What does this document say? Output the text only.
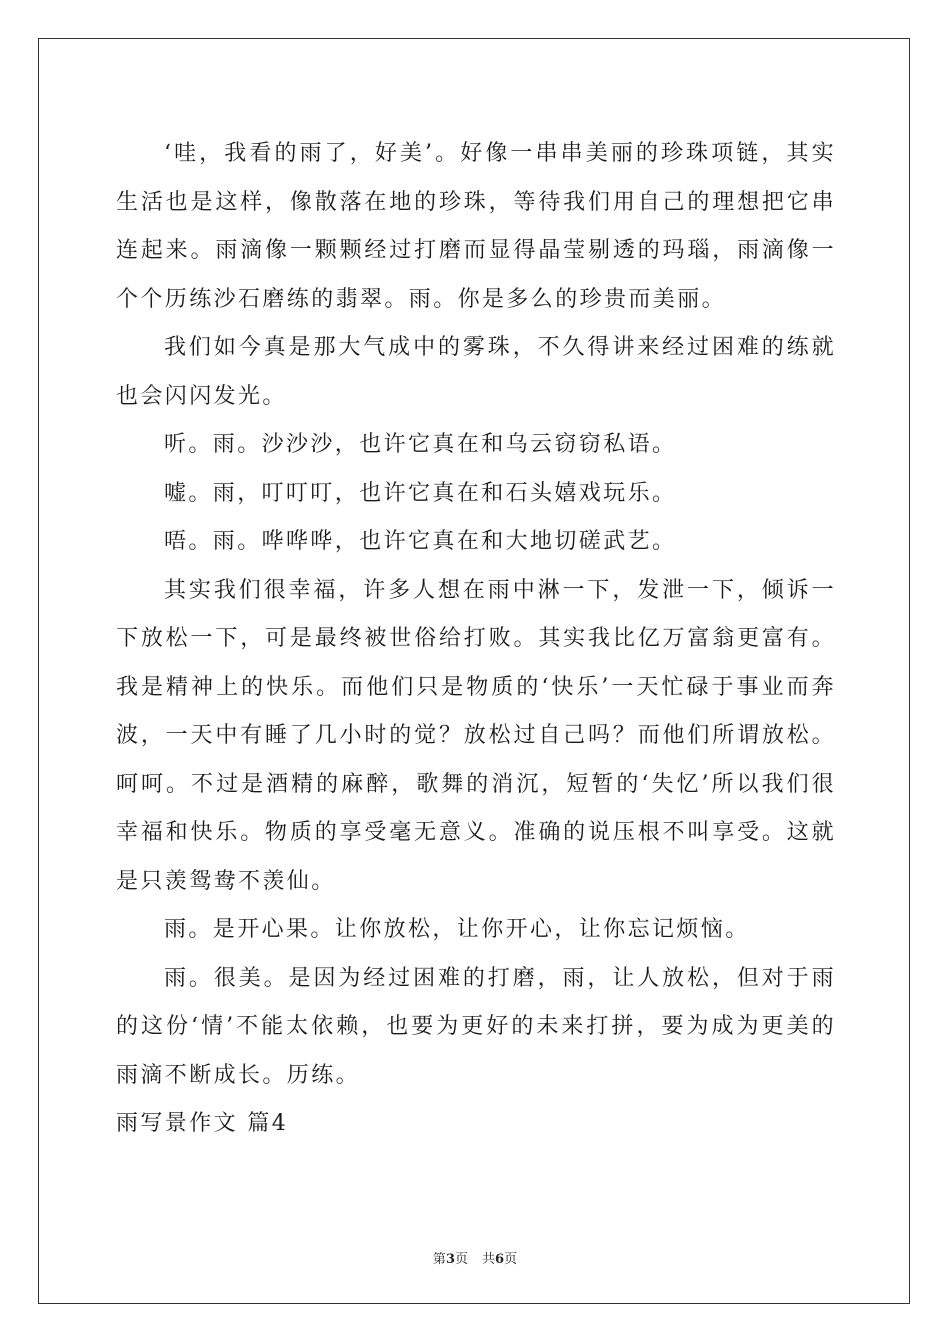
‘哇，我看的雨了，好美’。好像一串串美丽的珍珠项链，其实生活也是这样，像散落在地的珍珠，等待我们用自己的理想把它串连起来。雨滴像一颗颗经过打磨而显得晶莹剔透的玛瑙，雨滴像一个个历练沙石磨练的翡翠。雨。你是多么的珍贵而美丽。

我们如今真是那大气成中的雾珠，不久得讲来经过困难的练就也会闪闪发光。

听。雨。沙沙沙，也许它真在和乌云窃窃私语。

嘘。雨，叮叮叮，也许它真在和石头嬉戏玩乐。

唔。雨。哗哗哗，也许它真在和大地切磋武艺。

其实我们很幸福，许多人想在雨中淋一下，发泄一下，倾诉一下放松一下，可是最终被世俗给打败。其实我比亿万富翁更富有。我是精神上的快乐。而他们只是物质的‘快乐’一天忙碌于事业而奔波，一天中有睡了几小时的觉？放松过自己吗？而他们所谓放松。呵呵。不过是酒精的麻醉，歌舞的消沉，短暂的‘失忆’所以我们很幸福和快乐。物质的享受毫无意义。准确的说压根不叫享受。这就是只羡鸳鸯不羡仙。

雨。是开心果。让你放松，让你开心，让你忘记烦恼。

雨。很美。是因为经过困难的打磨，雨，让人放松，但对于雨的这份‘情’不能太依赖，也要为更好的未来打拼，要为成为更美的雨滴不断成长。历练。

雨写景作文 篇4

第3页 共6页
